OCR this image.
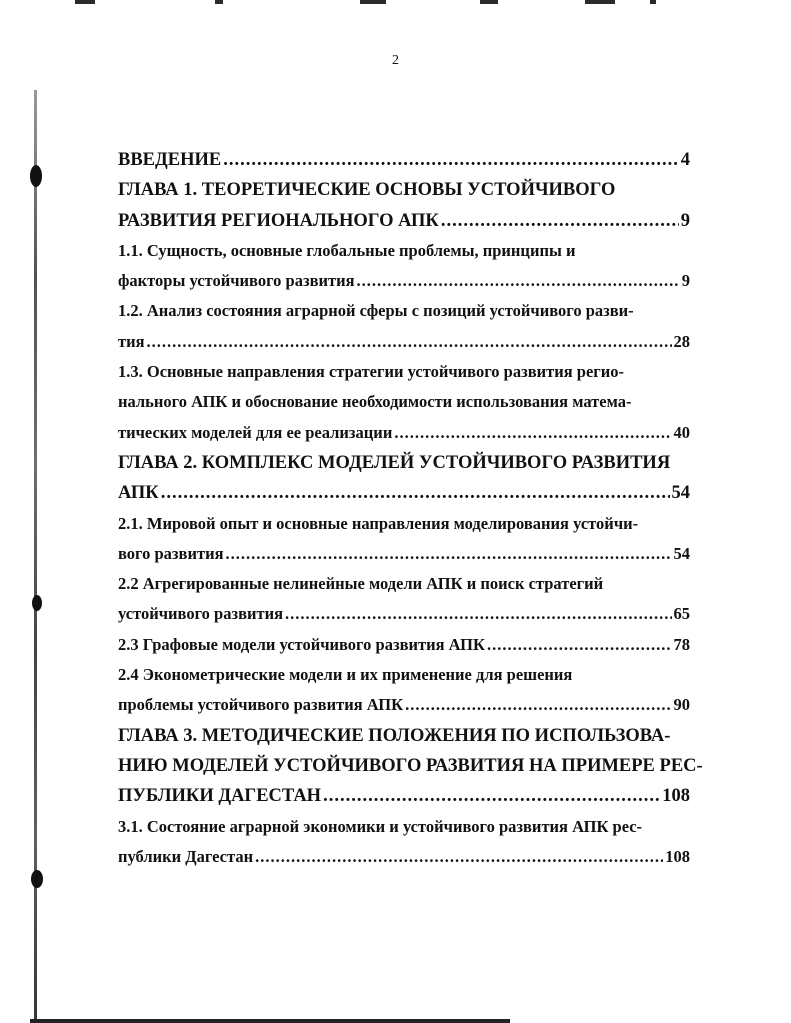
2
ВВЕДЕНИЕ .....	4
ГЛАВА 1. ТЕОРЕТИЧЕСКИЕ ОСНОВЫ УСТОЙЧИВОГО
РАЗВИТИЯ РЕГИОНАЛЬНОГО АПК .....	9
1.1. Сущность, основные глобальные проблемы, принципы и
факторы устойчивого развития .....	9
1.2. Анализ состояния аграрной сферы с позиций устойчивого разви-
тия .....	28
1.3. Основные направления стратегии устойчивого развития регио-
нального АПК и обоснование необходимости использования матема-
тических моделей для ее реализации .....	40
ГЛАВА 2. КОМПЛЕКС МОДЕЛЕЙ УСТОЙЧИВОГО РАЗВИТИЯ
АПК .....	54
2.1. Мировой опыт и основные направления моделирования устойчи-
вого развития .....	54
2.2 Агрегированные нелинейные модели АПК и поиск стратегий
устойчивого развития .....	65
2.3 Графовые модели устойчивого развития АПК .....	78
2.4 Эконометрические модели и их применение для решения
проблемы устойчивого развития АПК .....	90
ГЛАВА 3. МЕТОДИЧЕСКИЕ ПОЛОЖЕНИЯ ПО ИСПОЛЬЗОВА-
НИЮ МОДЕЛЕЙ УСТОЙЧИВОГО РАЗВИТИЯ НА ПРИМЕРЕ РЕС-
ПУБЛИКИ ДАГЕСТАН .....	108
3.1. Состояние аграрной экономики и устойчивого развития АПК рес-
публики Дагестан .....	108
